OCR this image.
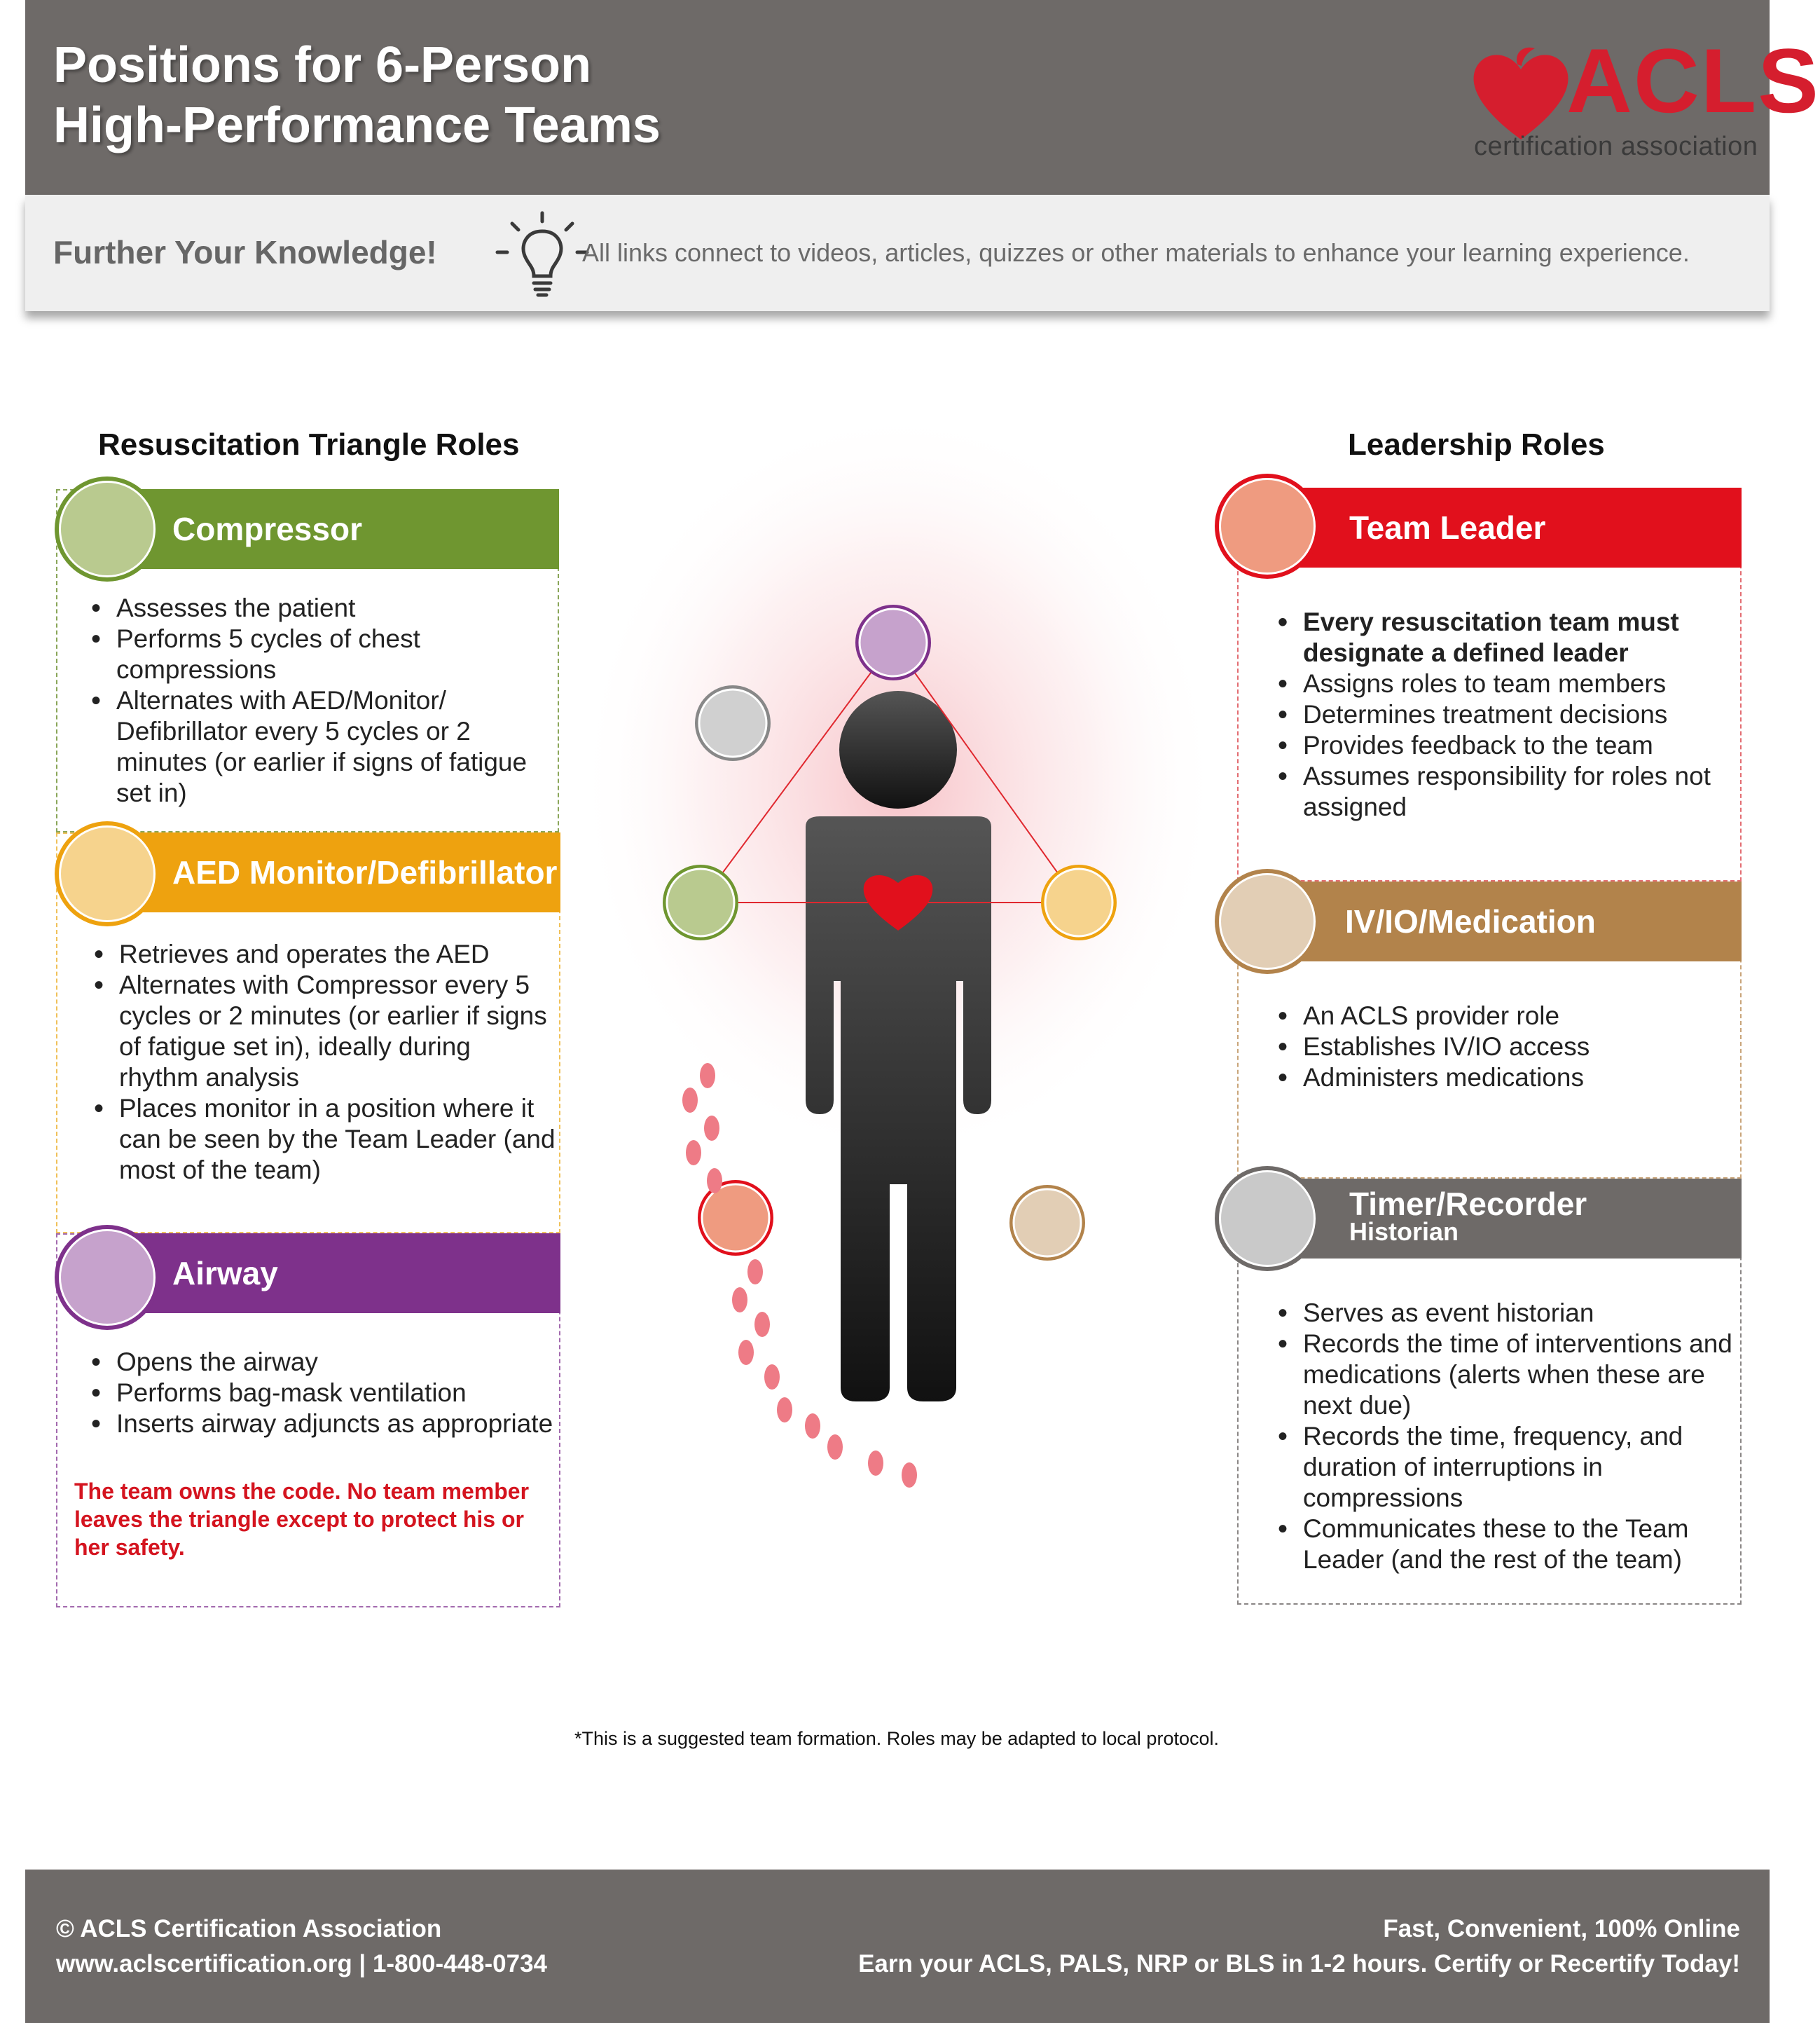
Positions for 6-Person
High-Performance Teams	ACLS
certification association
Further Your Knowledge!	All links connect to videos, articles, quizzes or other materials to enhance your learning experience.
Resuscitation Triangle Roles	Leadership Roles
Compressor
• Assesses the patient
• Performs 5 cycles of chest compressions
• Alternates with AED/Monitor/ Defibrillator every 5 cycles or 2 minutes (or earlier if signs of fatigue set in)
AED Monitor/Defibrillator
• Retrieves and operates the AED
• Alternates with Compressor every 5 cycles or 2 minutes (or earlier if signs of fatigue set in), ideally during rhythm analysis
• Places monitor in a position where it can be seen by the Team Leader (and most of the team)
Airway
• Opens the airway
• Performs bag-mask ventilation
• Inserts airway adjuncts as appropriate
The team owns the code. No team member leaves the triangle except to protect his or her safety.
Team Leader
• Every resuscitation team must designate a defined leader
• Assigns roles to team members
• Determines treatment decisions
• Provides feedback to the team
• Assumes responsibility for roles not assigned
IV/IO/Medication
• An ACLS provider role
• Establishes IV/IO access
• Administers medications
Timer/Recorder
Historian
• Serves as event historian
• Records the time of interventions and medications (alerts when these are next due)
• Records the time, frequency, and duration of interruptions in compressions
• Communicates these to the Team Leader (and the rest of the team)
*This is a suggested team formation. Roles may be adapted to local protocol.
© ACLS Certification Association
www.aclscertification.org | 1-800-448-0734
Fast, Convenient, 100% Online
Earn your ACLS, PALS, NRP or BLS in 1-2 hours. Certify or Recertify Today!
